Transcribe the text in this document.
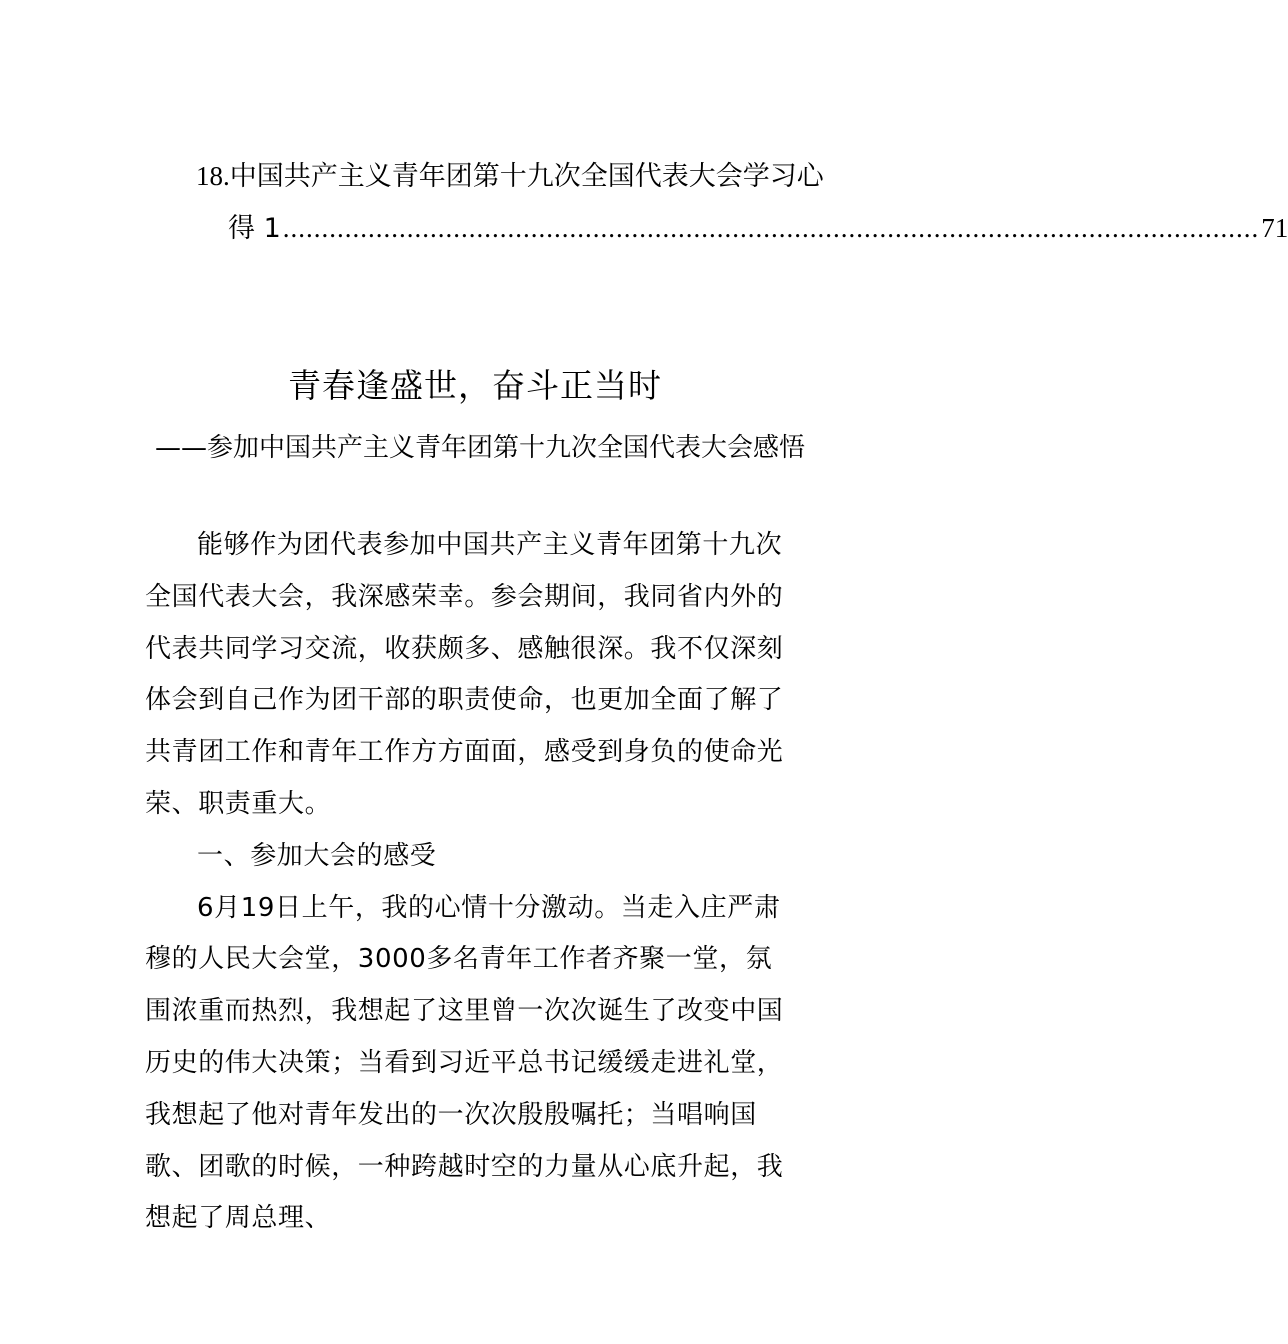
18.中国共产主义青年团第十九次全国代表大会学习心
得 1 .............................................................................................................................. 71
青春逢盛世，奋斗正当时
——参加中国共产主义青年团第十九次全国代表大会感悟

能够作为团代表参加中国共产主义青年团第十九次全国代表大会，我深感荣幸。参会期间，我同省内外的代表共同学习交流，收获颇多、感触很深。我不仅深刻体会到自己作为团干部的职责使命，也更加全面了解了共青团工作和青年工作方方面面，感受到身负的使命光荣、职责重大。

一、参加大会的感受

6月19日上午，我的心情十分激动。当走入庄严肃穆的人民大会堂，3000多名青年工作者齐聚一堂，氛围浓重而热烈，我想起了这里曾一次次诞生了改变中国历史的伟大决策；当看到习近平总书记缓缓走进礼堂，我想起了他对青年发出的一次次殷殷嘱托；当唱响国歌、团歌的时候，一种跨越时空的力量从心底升起，我想起了周总理、
